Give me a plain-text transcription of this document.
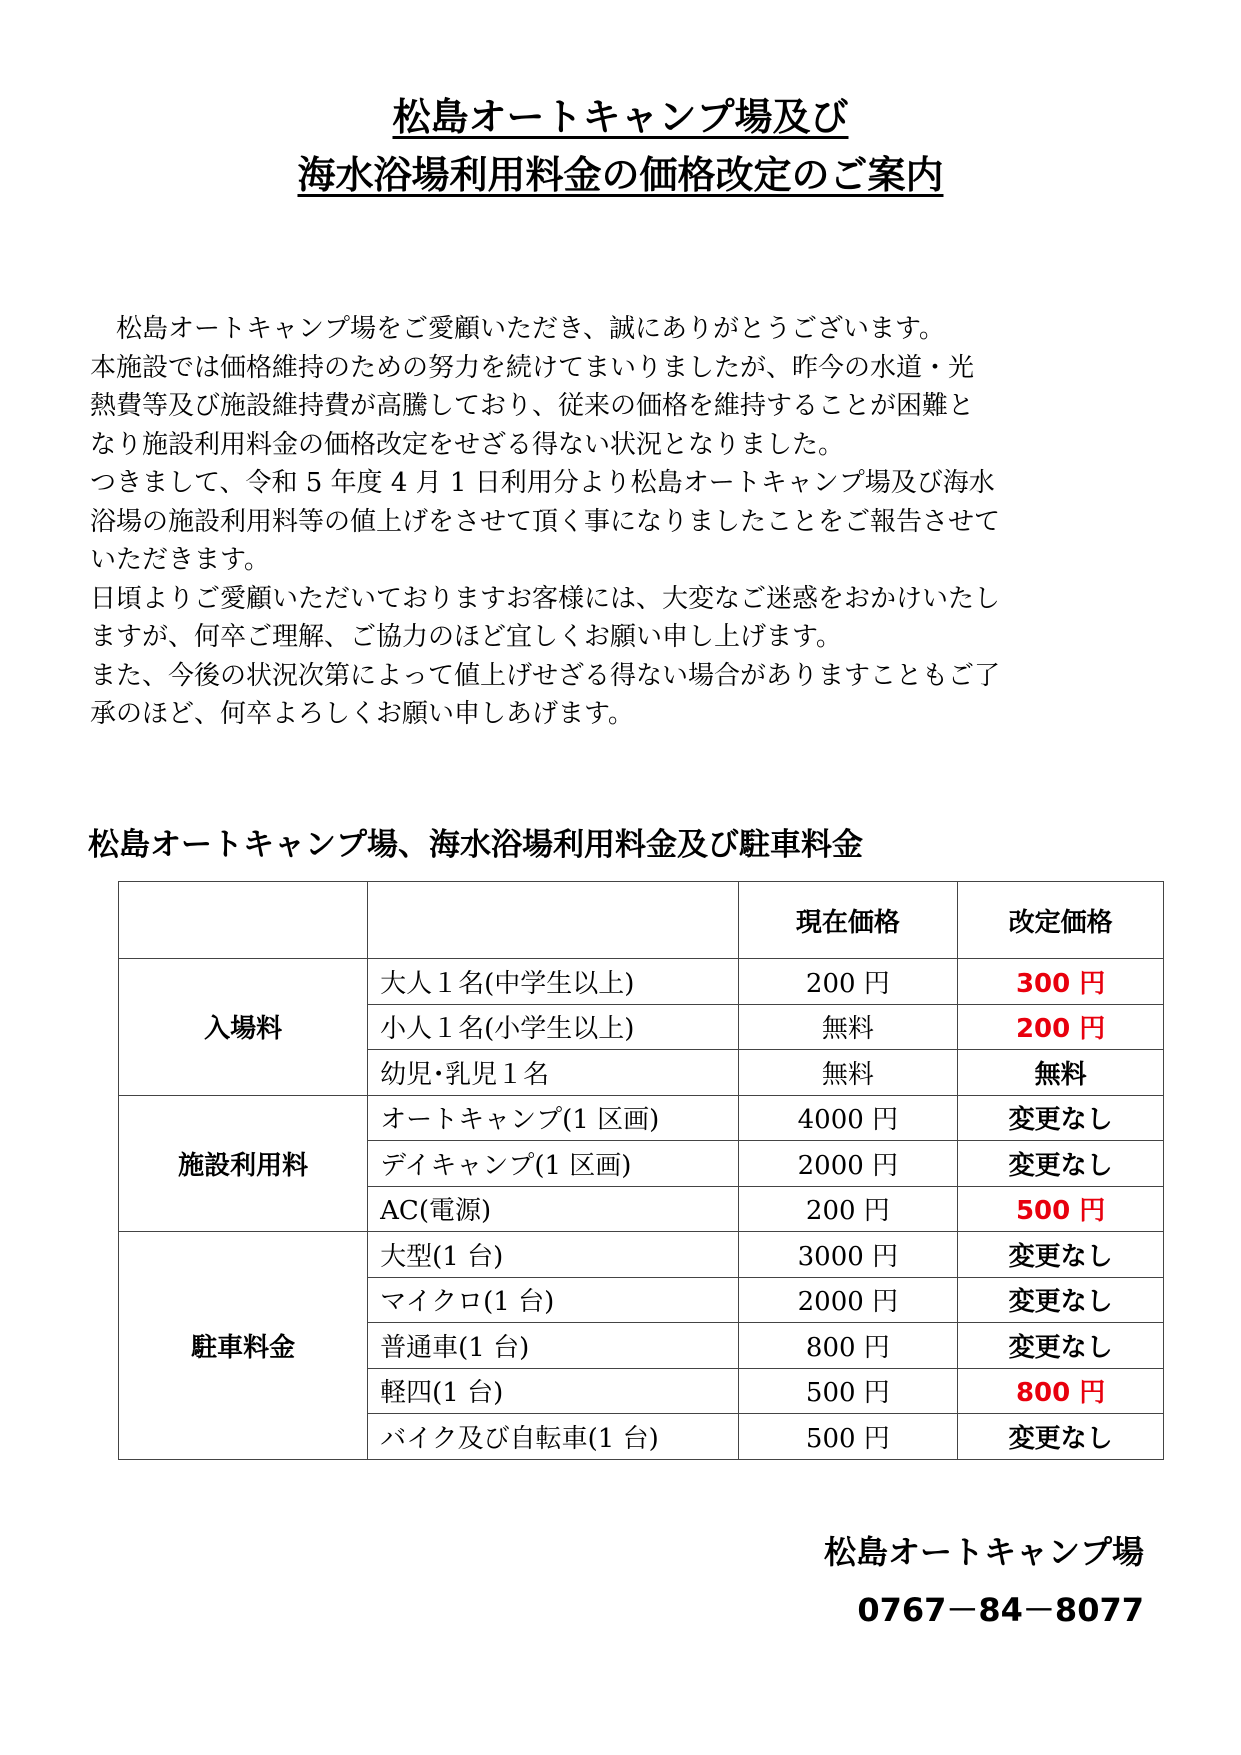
松島オートキャンプ場及び
海水浴場利用料金の価格改定のご案内

　松島オートキャンプ場をご愛顧いただき、誠にありがとうございます。

本施設では価格維持のための努力を続けてまいりましたが、昨今の水道・光

熱費等及び施設維持費が高騰しており、従来の価格を維持することが困難と

なり施設利用料金の価格改定をせざる得ない状況となりました。

つきまして、令和 5 年度 4 月 1 日利用分より松島オートキャンプ場及び海水

浴場の施設利用料等の値上げをさせて頂く事になりましたことをご報告させて

いただきます。

日頃よりご愛顧いただいておりますお客様には、大変なご迷惑をおかけいたし

ますが、何卒ご理解、ご協力のほど宜しくお願い申し上げます。

また、今後の状況次第によって値上げせざる得ない場合がありますこともご了

承のほど、何卒よろしくお願い申しあげます。

松島オートキャンプ場、海水浴場利用料金及び駐車料金
		現在価格	改定価格
入場料	大人１名(中学生以上)	200 円	300 円
	小人１名(小学生以上)	無料	200 円
	幼児･乳児１名	無料	無料
施設利用料	オートキャンプ(1 区画)	4000 円	変更なし
	デイキャンプ(1 区画)	2000 円	変更なし
	AC(電源)	200 円	500 円
駐車料金	大型(1 台)	3000 円	変更なし
	マイクロ(1 台)	2000 円	変更なし
	普通車(1 台)	800 円	変更なし
	軽四(1 台)	500 円	800 円
	バイク及び自転車(1 台)	500 円	変更なし
松島オートキャンプ場
0767－84－8077
